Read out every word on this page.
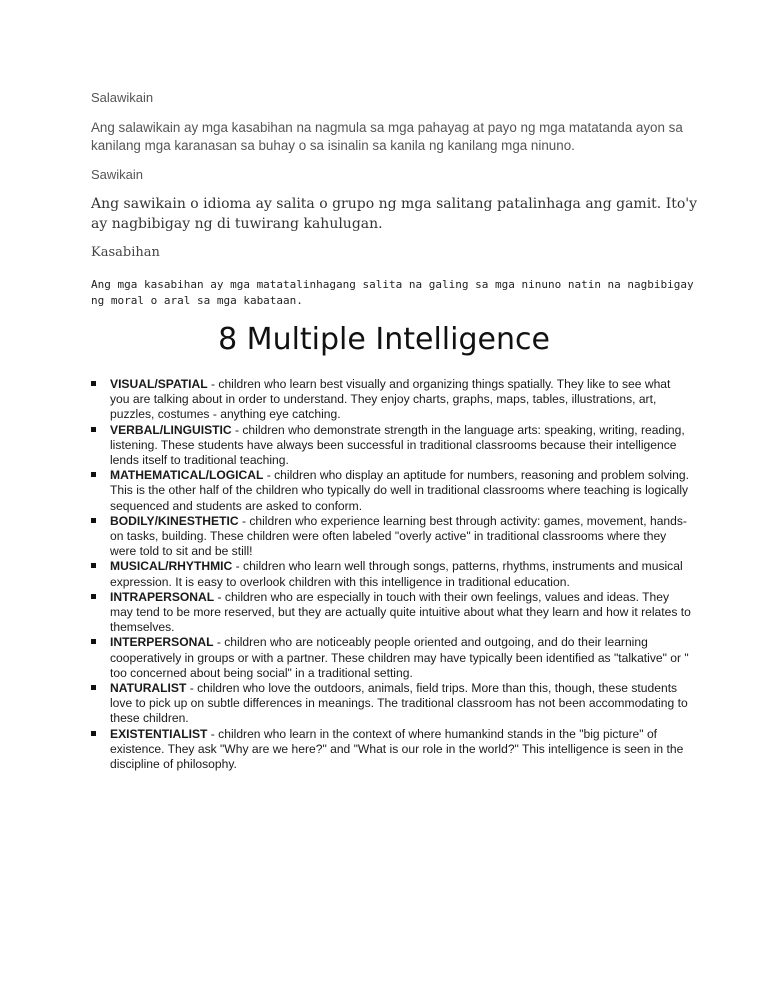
Salawikain

Ang salawikain ay mga kasabihan na nagmula sa mga pahayag at payo ng mga matatanda ayon sa kanilang mga karanasan sa buhay o sa isinalin sa kanila ng kanilang mga ninuno.

Sawikain

Ang sawikain o idioma ay salita o grupo ng mga salitang patalinhaga ang gamit. Ito'y ay nagbibigay ng di tuwirang kahulugan.

Kasabihan

Ang mga kasabihan ay mga matatalinhagang salita na galing sa mga ninuno natin na nagbibigay ng moral o aral sa mga kabataan.

8 Multiple Intelligence
VISUAL/SPATIAL - children who learn best visually and organizing things spatially. They like to see what you are talking about in order to understand. They enjoy charts, graphs, maps, tables, illustrations, art, puzzles, costumes - anything eye catching.
VERBAL/LINGUISTIC - children who demonstrate strength in the language arts: speaking, writing, reading, listening. These students have always been successful in traditional classrooms because their intelligence lends itself to traditional teaching.
MATHEMATICAL/LOGICAL - children who display an aptitude for numbers, reasoning and problem solving. This is the other half of the children who typically do well in traditional classrooms where teaching is logically sequenced and students are asked to conform.
BODILY/KINESTHETIC - children who experience learning best through activity: games, movement, hands-on tasks, building. These children were often labeled "overly active" in traditional classrooms where they were told to sit and be still!
MUSICAL/RHYTHMIC - children who learn well through songs, patterns, rhythms, instruments and musical expression. It is easy to overlook children with this intelligence in traditional education.
INTRAPERSONAL - children who are especially in touch with their own feelings, values and ideas. They may tend to be more reserved, but they are actually quite intuitive about what they learn and how it relates to themselves.
INTERPERSONAL - children who are noticeably people oriented and outgoing, and do their learning cooperatively in groups or with a partner. These children may have typically been identified as "talkative" or " too concerned about being social" in a traditional setting.
NATURALIST - children who love the outdoors, animals, field trips. More than this, though, these students love to pick up on subtle differences in meanings. The traditional classroom has not been accommodating to these children.
EXISTENTIALIST - children who learn in the context of where humankind stands in the "big picture" of existence. They ask "Why are we here?" and "What is our role in the world?" This intelligence is seen in the discipline of philosophy.
